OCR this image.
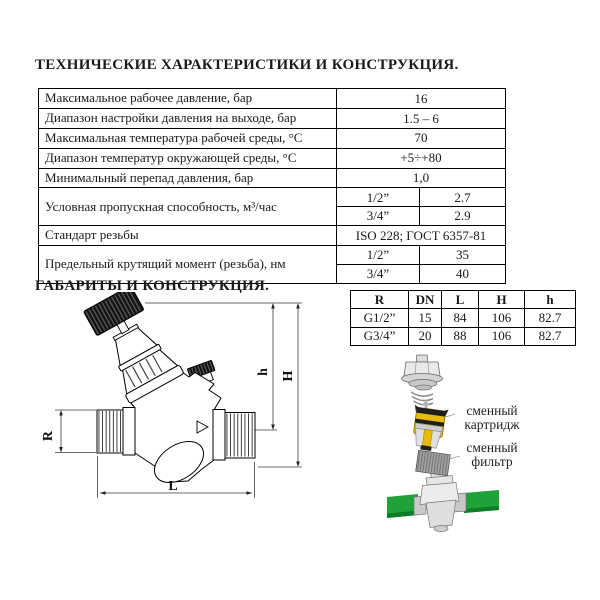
ТЕХНИЧЕСКИЕ ХАРАКТЕРИСТИКИ И КОНСТРУКЦИЯ.
Максимальное рабочее давление, бар	16	
Диапазон настройки давления на выходе, бар	1.5 – 6	
Максимальная температура рабочей среды, °С	70	
Диапазон температур окружающей среды, °С	+5÷+80	
Минимальный перепад давления, бар	1,0	
Условная пропускная способность, м³/час	1/2”	2.7
	3/4”	2.9
Стандарт резьбы	ISO 228; ГОСТ 6357-81	
Предельный крутящий момент (резьба), нм	1/2”	35
	3/4”	40
ГАБАРИТЫ И КОНСТРУКЦИЯ.
R	DN	L	H	h
G1/2”	15	84	106	82.7
G3/4”	20	88	106	82.7
R
L
h H
сменный
картридж
сменный
фильтр
